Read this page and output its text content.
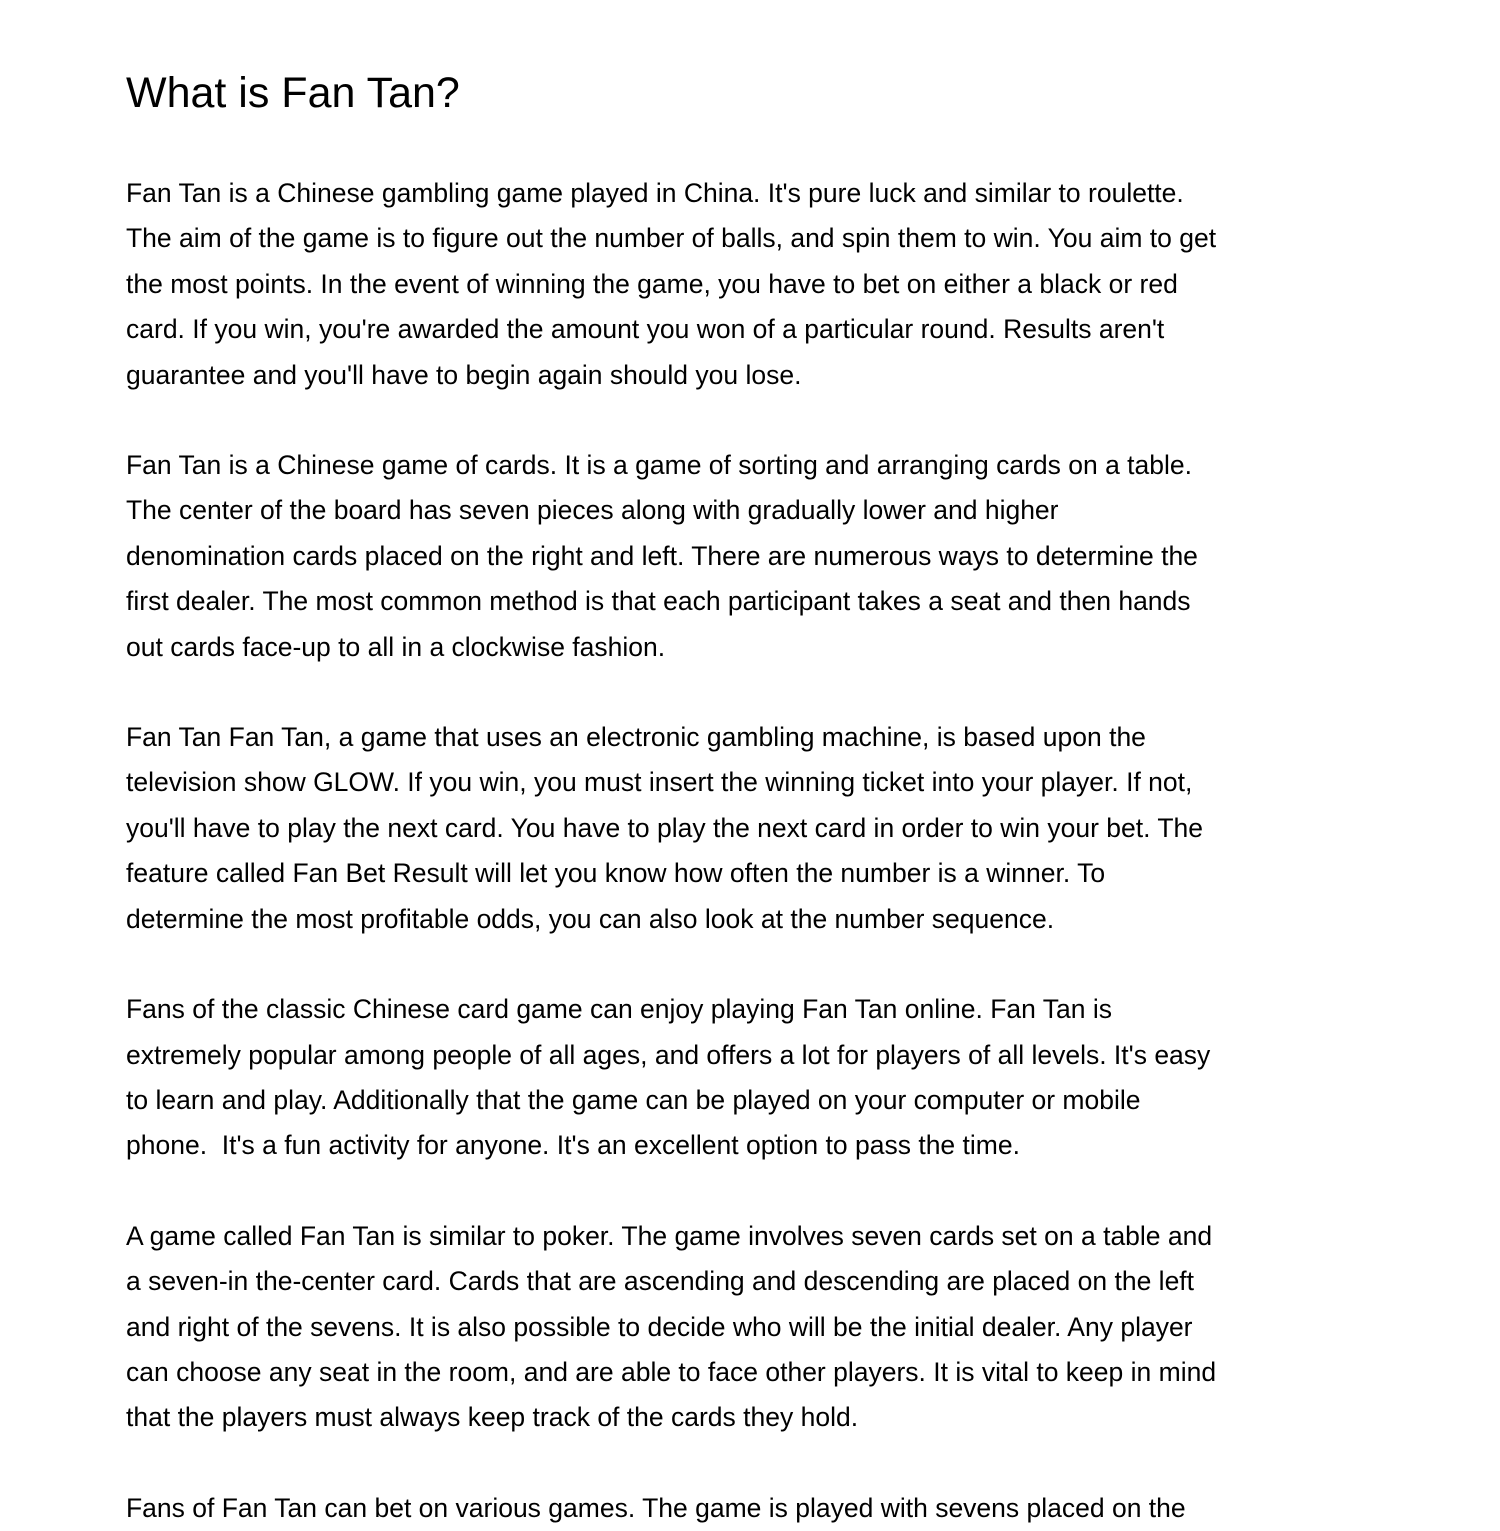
What is Fan Tan?

Fan Tan is a Chinese gambling game played in China. It's pure luck and similar to roulette.
The aim of the game is to figure out the number of balls, and spin them to win. You aim to get
the most points. In the event of winning the game, you have to bet on either a black or red
card. If you win, you're awarded the amount you won of a particular round. Results aren't
guarantee and you'll have to begin again should you lose.

Fan Tan is a Chinese game of cards. It is a game of sorting and arranging cards on a table.
The center of the board has seven pieces along with gradually lower and higher
denomination cards placed on the right and left. There are numerous ways to determine the
first dealer. The most common method is that each participant takes a seat and then hands
out cards face-up to all in a clockwise fashion.

Fan Tan Fan Tan, a game that uses an electronic gambling machine, is based upon the
television show GLOW. If you win, you must insert the winning ticket into your player. If not,
you'll have to play the next card. You have to play the next card in order to win your bet. The
feature called Fan Bet Result will let you know how often the number is a winner. To
determine the most profitable odds, you can also look at the number sequence.

Fans of the classic Chinese card game can enjoy playing Fan Tan online. Fan Tan is
extremely popular among people of all ages, and offers a lot for players of all levels. It's easy
to learn and play. Additionally that the game can be played on your computer or mobile
phone.  It's a fun activity for anyone. It's an excellent option to pass the time.

A game called Fan Tan is similar to poker. The game involves seven cards set on a table and
a seven-in the-center card. Cards that are ascending and descending are placed on the left
and right of the sevens. It is also possible to decide who will be the initial dealer. Any player
can choose any seat in the room, and are able to face other players. It is vital to keep in mind
that the players must always keep track of the cards they hold.

Fans of Fan Tan can bet on various games. The game is played with sevens placed on the
